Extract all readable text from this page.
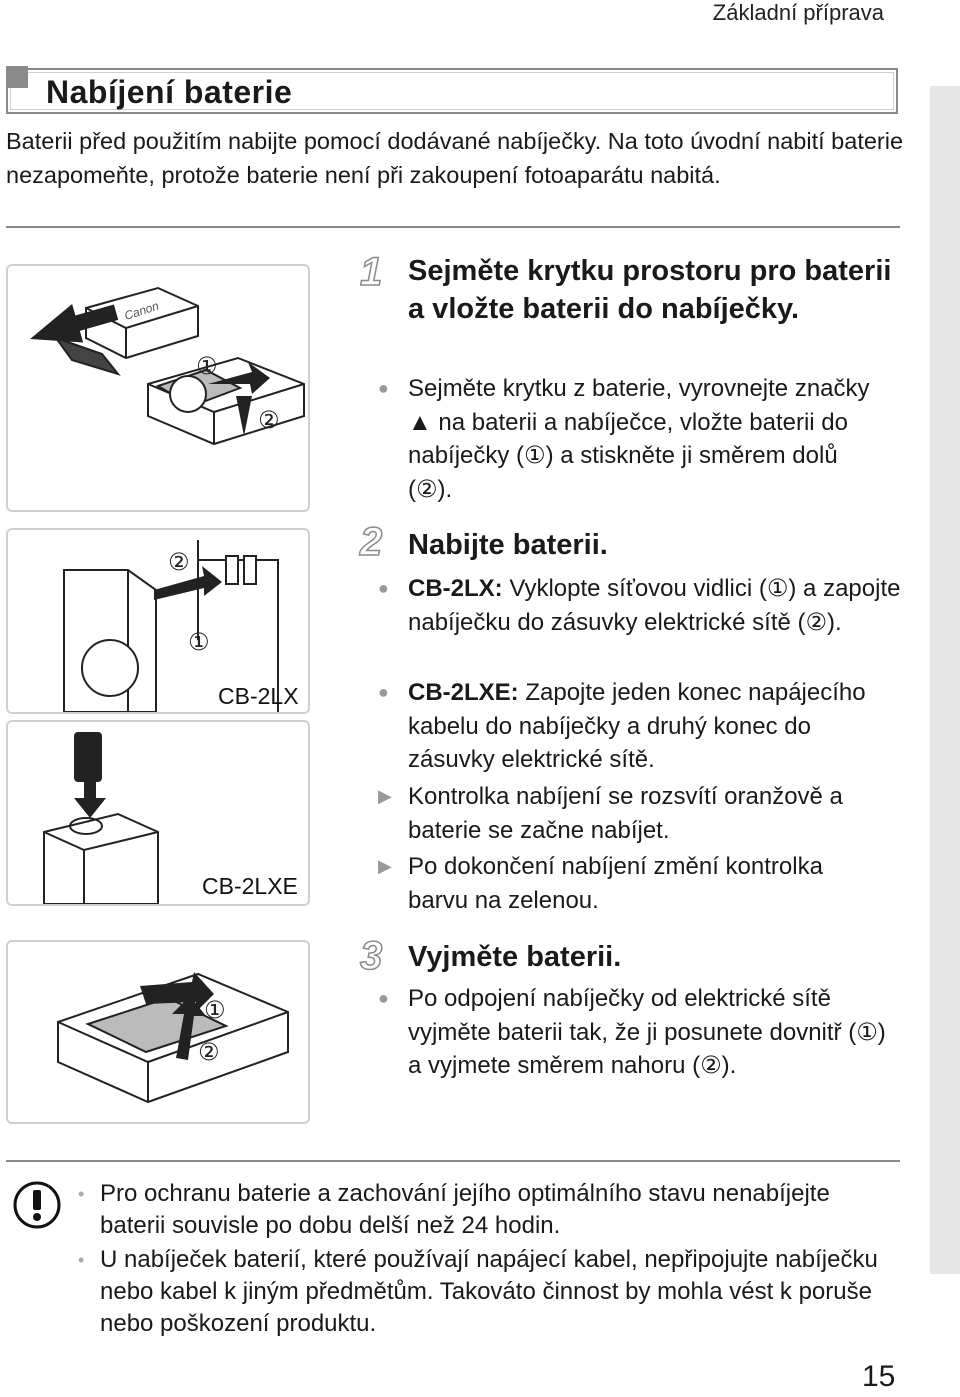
Základní příprava
Nabíjení baterie
Baterii před použitím nabijte pomocí dodávané nabíječky. Na toto úvodní nabití baterie nezapomeňte, protože baterie není při zakoupení fotoaparátu nabitá.
①
②
Canon
②
①
CB-2LX
CB-2LXE
①
②
1 Sejměte krytku prostoru pro baterii a vložte baterii do nabíječky.
● Sejměte krytku z baterie, vyrovnejte značky ▲ na baterii a nabíječce, vložte baterii do nabíječky (①) a stiskněte ji směrem dolů (②).
2 Nabijte baterii.
● CB-2LX: Vyklopte síťovou vidlici (①) a zapojte nabíječku do zásuvky elektrické sítě (②).
● CB-2LXE: Zapojte jeden konec napájecího kabelu do nabíječky a druhý konec do zásuvky elektrické sítě.
▶ Kontrolka nabíjení se rozsvítí oranžově a baterie se začne nabíjet.
▶ Po dokončení nabíjení změní kontrolka barvu na zelenou.
3 Vyjměte baterii.
● Po odpojení nabíječky od elektrické sítě vyjměte baterii tak, že ji posunete dovnitř (①) a vyjmete směrem nahoru (②).
• Pro ochranu baterie a zachování jejího optimálního stavu nenabíjejte baterii souvisle po dobu delší než 24 hodin.
• U nabíječek baterií, které používají napájecí kabel, nepřipojujte nabíječku nebo kabel k jiným předmětům. Takováto činnost by mohla vést k poruše nebo poškození produktu.
15
